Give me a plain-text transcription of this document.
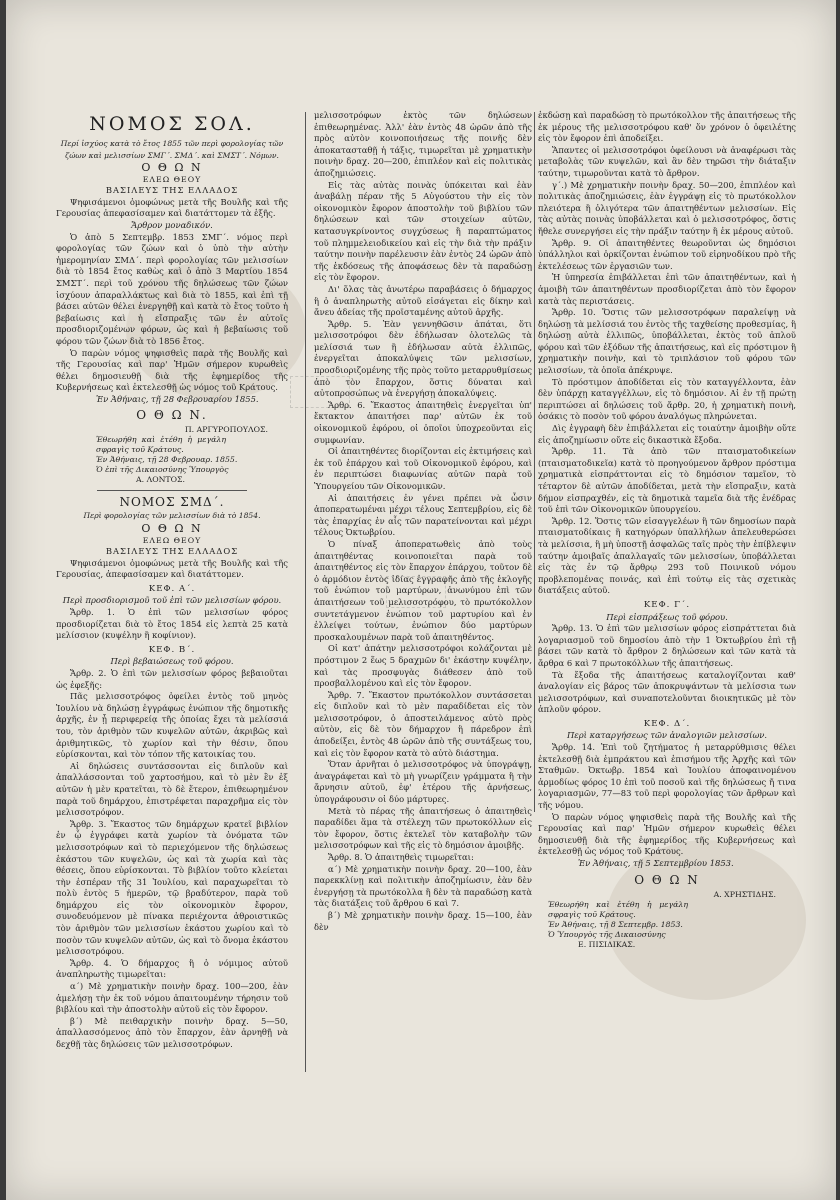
ΝΟΜΟΣ ΣΟΛ.
Περί ἰσχύος κατὰ τὸ ἔτος 1855 τῶν περὶ φορολογίας τῶν ζώων καὶ μελισσίων ΣΜΓ΄. ΣΜΔ΄. καὶ ΣΜΣΤ΄. Νόμων.
Ο Θ Ω Ν
ΕΛΕΩ ΘΕΟΥ
ΒΑΣΙΛΕΥΣ ΤΗΣ ΕΛΛΑΔΟΣ

Ψηφισάμενοι ὁμοφώνως μετὰ τῆς Βουλῆς καὶ τῆς Γερουσίας ἀπεφασίσαμεν καὶ διατάττομεν τὰ ἑξῆς.

Ἄρθρον μοναδικόν.

Ὁ ἀπὸ 5 Σεπτεμβρ. 1853 ΣΜΓ΄. νόμος περὶ φορολογίας τῶν ζώων καὶ ὁ ὑπὸ τὴν αὐτὴν ἡμερομηνίαν ΣΜΔ΄. περὶ φορολογίας τῶν μελισσίων διὰ τὸ 1854 ἔτος καθὼς καὶ ὁ ἀπὸ 3 Μαρτίου 1854 ΣΜΣΤ΄. περὶ τοῦ χρόνου τῆς δηλώσεως τῶν ζώων ἰσχύουν ἀπαραλλάκτως καὶ διὰ τὸ 1855, καὶ ἐπὶ τῇ βάσει αὐτῶν θέλει ἐνεργηθῇ καὶ κατὰ τὸ ἔτος τοῦτο ἡ βεβαίωσις καὶ ἡ εἴσπραξις τῶν ἐν αὐτοῖς προσδιοριζομένων φόρων, ὡς καὶ ἡ βεβαίωσις τοῦ φόρου τῶν ζώων διὰ τὸ 1856 ἔτος.

Ὁ παρὼν νόμος ψηφισθεὶς παρὰ τῆς Βουλῆς καὶ τῆς Γερουσίας καὶ παρ' Ἡμῶν σήμερον κυρωθεὶς θέλει δημοσιευθῇ διὰ τῆς ἐφημερίδος τῆς Κυβερνήσεως καὶ ἐκτελεσθῇ ὡς νόμος τοῦ Κράτους.

Ἐν Ἀθήναις, τῇ 28 Φεβρουαρίου 1855.
Ο Θ Ω Ν.
Π. ΑΡΓΥΡΟΠΟΥΛΟΣ.
Ἐθεωρήθη καὶ ἐτέθη ἡ μεγάλη σφραγὶς τοῦ Κράτους.
Ἐν Ἀθήναις, τῇ 28 Φεβρουαρ. 1855.
Ὁ ἐπὶ τῆς Δικαιοσύνης Ὑπουργὸς
Α. ΛΟΝΤΟΣ.
ΝΟΜΟΣ ΣΜΔ΄.
Περὶ φορολογίας τῶν μελισσίων διὰ τὸ 1854.
Ο Θ Ω Ν
ΕΛΕΩ ΘΕΟΥ
ΒΑΣΙΛΕΥΣ ΤΗΣ ΕΛΛΑΔΟΣ

Ψηφισάμενοι ὁμοφώνως μετὰ τῆς Βουλῆς καὶ τῆς Γερουσίας, ἀπεφασίσαμεν καὶ διατάττομεν.

ΚΕΦ. Α΄.
Περὶ προσδιορισμοῦ τοῦ ἐπὶ τῶν μελισσίων φόρου.

Ἄρθρ. 1. Ὁ ἐπὶ τῶν μελισσίων φόρος προσδιορίζεται διὰ τὸ ἔτος 1854 εἰς λεπτὰ 25 κατὰ μελίσσιον (κυψέλην ἢ κοφίνιον).

ΚΕΦ. Β΄.
Περὶ βεβαιώσεως τοῦ φόρου.

Ἄρθρ. 2. Ὁ ἐπὶ τῶν μελισσίων φόρος βεβαιοῦται ὡς ἐφεξῆς:

Πᾶς μελισσοτρόφος ὀφείλει ἐντὸς τοῦ μηνὸς Ἰουλίου νὰ δηλώσῃ ἐγγράφως ἐνώπιον τῆς δημοτικῆς ἀρχῆς, ἐν ᾗ περιφερείᾳ τῆς ὁποίας ἔχει τὰ μελίσσιά του, τὸν ἀριθμὸν τῶν κυψελῶν αὐτῶν, ἀκριβῶς καὶ ἀριθμητικῶς, τὸ χωρίον καὶ τὴν θέσιν, ὅπου εὑρίσκονται, καὶ τὸν τόπον τῆς κατοικίας του.

Αἱ δηλώσεις συντάσσονται εἰς διπλοῦν καὶ ἀπαλλάσσονται τοῦ χαρτοσήμου, καὶ τὸ μὲν ἓν ἐξ αὐτῶν ἡ μὲν κρατεῖται, τὸ δὲ ἕτερον, ἐπιθεωρημένον παρὰ τοῦ δημάρχου, ἐπιστρέφεται παραχρῆμα εἰς τὸν μελισσοτρόφον.

Ἄρθρ. 3. Ἕκαστος τῶν δημάρχων κρατεῖ βιβλίον ἐν ᾧ ἐγγράφει κατὰ χωρίον τὰ ὀνόματα τῶν μελισσοτρόφων καὶ τὸ περιεχόμενον τῆς δηλώσεως ἑκάστου τῶν κυψελῶν, ὡς καὶ τὰ χωρία καὶ τὰς θέσεις, ὅπου εὑρίσκονται. Τὸ βιβλίον τοῦτο κλείεται τὴν ἐσπέραν τῆς 31 Ἰουλίου, καὶ παραχωρεῖται τὸ πολὺ ἐντὸς 5 ἡμερῶν, τῷ βραδύτερον, παρὰ τοῦ δημάρχου εἰς τὸν οἰκονομικὸν ἔφορον, συνοδευόμενον μὲ πίνακα περιέχοντα ἀθροιστικῶς τὸν ἀριθμὸν τῶν μελισσίων ἑκάστου χωρίου καὶ τὸ ποσὸν τῶν κυψελῶν αὐτῶν, ὡς καὶ τὸ ὄνομα ἑκάστου μελισσοτρόφου.

Ἄρθρ. 4. Ὁ δήμαρχος ἢ ὁ νόμιμος αὐτοῦ ἀναπληρωτὴς τιμωρεῖται:

α΄) Μὲ χρηματικὴν ποινὴν δραχ. 100—200, ἐὰν ἀμελήσῃ τὴν ἐκ τοῦ νόμου ἀπαιτουμένην τήρησιν τοῦ βιβλίου καὶ τὴν ἀποστολὴν αὐτοῦ εἰς τὸν ἔφορον.

β΄) Μὲ πειθαρχικὴν ποινὴν δραχ. 5—50, ἀπαλλασσόμενος ἀπὸ τὸν ἔπαρχον, ἐὰν ἀρνηθῇ νὰ δεχθῇ τὰς δηλώσεις τῶν μελισσοτρόφων.

μελισσοτρόφων ἐκτὸς τῶν δηλώσεων ἐπιθεωρημένας. Ἀλλ' ἐὰν ἐντὸς 48 ὡρῶν ἀπὸ τῆς πρὸς αὐτὸν κοινοποιήσεως τῆς ποινῆς δὲν ἀποκατασταθῇ ἡ τάξις, τιμωρεῖται μὲ χρηματικὴν ποινὴν δραχ. 20—200, ἐπιπλέον καὶ εἰς πολιτικὰς ἀποζημιώσεις.

Εἰς τὰς αὐτὰς ποινὰς ὑπόκειται καὶ ἐὰν ἀναβάλῃ πέραν τῆς 5 Αὐγούστου τὴν εἰς τὸν οἰκονομικὸν ἔφορον ἀποστολὴν τοῦ βιβλίου τῶν δηλώσεων καὶ τῶν στοιχείων αὐτῶν, κατασυγκρίνοντος συγχύσεως ἢ παραπτώματος τοῦ πλημμελειοδικείου καὶ εἰς τὴν διὰ τὴν πράξιν ταύτην ποινὴν παρέλευσιν ἐὰν ἐντὸς 24 ὡρῶν ἀπὸ τῆς ἐκδόσεως τῆς ἀποφάσεως δὲν τὰ παραδώσῃ εἰς τὸν ἔφορον.

Δι' ὅλας τὰς ἀνωτέρω παραβάσεις ὁ δήμαρχος ἢ ὁ ἀναπληρωτὴς αὐτοῦ εἰσάγεται εἰς δίκην καὶ ἄνευ ἀδείας τῆς προϊσταμένης αὐτοῦ ἀρχῆς.

Ἄρθρ. 5. Ἐὰν γεννηθῶσιν ἀπάται, ὅτι μελισσοτρόφοι δὲν ἐδήλωσαν ὁλοτελῶς τὰ μελίσσιά των ἢ ἐδήλωσαν αὐτὰ ἐλλιπῶς, ἐνεργεῖται ἀποκαλύψεις τῶν μελισσίων, προσδιοριζομένης τῆς πρὸς τοῦτο μεταρρυθμίσεως ἀπὸ τὸν ἔπαρχον, ὅστις δύναται καὶ αὐτοπροσώπως νὰ ἐνεργήσῃ ἀποκαλύψεις.

Ἄρθρ. 6. Ἕκαστος ἀπαιτηθεὶς ἐνεργεῖται ὑπ' ἔκτακτον ἀπαιτήσει παρ' αὐτῶν ἐκ τοῦ οἰκονομικοῦ ἐφόρου, οἱ ὁποῖοι ὑποχρεοῦνται εἰς συμφωνίαν.

Οἱ ἀπαιτηθέντες διορίζονται εἰς ἐκτιμήσεις καὶ ἐκ τοῦ ἐπάρχου καὶ τοῦ Οἰκονομικοῦ ἐφόρου, καὶ ἐν περιπτώσει διαφωνίας αὐτῶν παρὰ τοῦ Ὑπουργείου τῶν Οἰκονομικῶν.

Αἱ ἀπαιτήσεις ἐν γένει πρέπει νὰ ὦσιν ἀποπερατωμέναι μέχρι τέλους Σεπτεμβρίου, εἰς δὲ τὰς ἐπαρχίας ἐν αἷς τῶν παρατείνονται καὶ μέχρι τέλους Ὀκτωβρίου.

Ὁ πίναξ ἀποπερατωθεὶς ἀπὸ τοὺς ἀπαιτηθέντας κοινοποιεῖται παρὰ τοῦ ἀπαιτηθέντος εἰς τὸν ἔπαρχον ἐπάρχου, τοῦτον δὲ ὁ ἀρμόδιον ἐντὸς ἰδίας ἐγγραφῆς ἀπὸ τῆς ἐκλογῆς τοῦ ἐνώπιον τοῦ μαρτύρων, ἀνωνύμου ἐπὶ τῶν ἀπαιτήσεων τοῦ μελισσοτρόφου, τὸ πρωτόκολλον συντετάγμενον ἐνώπιον τοῦ μαρτυρίου καὶ ἐν ἐλλείψει τούτων, ἐνώπιον δύο μαρτύρων προσκαλουμένων παρὰ τοῦ ἀπαιτηθέντος.

Οἱ κατ' ἀπάτην μελισσοτρόφοι κολάζονται μὲ πρόστιμον 2 ἕως 5 δραχμῶν δι' ἑκάστην κυψέλην, καὶ τὰς προσφυγὰς διάθεσεν ἀπὸ τοῦ προσβαλλομένου καὶ εἰς τὸν ἔφορον.

Ἄρθρ. 7. Ἕκαστον πρωτόκολλον συντάσσεται εἰς διπλοῦν καὶ τὸ μὲν παραδίδεται εἰς τὸν μελισσοτρόφον, ὁ ἀποστειλάμενος αὐτὸ πρὸς αὐτὸν, εἰς δὲ τὸν δήμαρχον ἢ πάρεδρον ἐπὶ ἀποδείξει, ἐντὸς 48 ὡρῶν ἀπὸ τῆς συντάξεως του, καὶ εἰς τὸν ἔφορον κατὰ τὸ αὐτὸ διάστημα.

Ὅταν ἀρνῆται ὁ μελισσοτρόφος νὰ ὑπογράψῃ, ἀναγράφεται καὶ τὸ μὴ γνωρίζειν γράμματα ἢ τὴν ἄρνησιν αὐτοῦ, ἐφ' ἑτέρου τῆς ἀρνήσεως, ὑπογράφουσιν οἱ δύο μάρτυρες.

Μετὰ τὸ πέρας τῆς ἀπαιτήσεως ὁ ἀπαιτηθεὶς παραδίδει ἅμα τὰ στέλεχη τῶν πρωτοκόλλων εἰς τὸν ἔφορον, ὅστις ἐκτελεῖ τὸν καταβολὴν τῶν μελισσοτρόφων καὶ τῆς εἰς τὸ δημόσιον ἀμοιβῆς.

Ἄρθρ. 8. Ὁ ἀπαιτηθεὶς τιμωρεῖται:

α΄) Μὲ χρηματικὴν ποινὴν δραχ. 20—100, ἐὰν παρεκκλίνῃ καὶ πολιτικὴν ἀποζημίωσιν, ἐὰν δὲν ἐνεργήσῃ τὰ πρωτόκολλα ἢ δὲν τὰ παραδώσῃ κατὰ τὰς διατάξεις τοῦ ἄρθρου 6 καὶ 7.

β΄) Μὲ χρηματικὴν ποινὴν δραχ. 15—100, ἐὰν δὲν

ἐκδώσῃ καὶ παραδώσῃ τὸ πρωτόκολλον τῆς ἀπαιτήσεως τῆς ἐκ μέρους τῆς μελισσοτρόφου καθ' ὅν χρόνον ὁ ὀφειλέτης εἰς τὸν ἔφορον ἐπὶ ἀποδείξει.

Ἅπαντες οἱ μελισσοτρόφοι ὀφείλουσι νὰ ἀναφέρωσι τὰς μεταβολὰς τῶν κυψελῶν, καὶ ἂν δὲν τηρῶσι τὴν διάταξιν ταύτην, τιμωροῦνται κατὰ τὸ ἄρθρον.

γ΄.) Μὲ χρηματικὴν ποινὴν δραχ. 50—200, ἐπιπλέον καὶ πολιτικὰς ἀποζημιώσεις, ἐὰν ἐγγράψῃ εἰς τὸ πρωτόκολλον πλειότερα ἢ ὀλιγότερα τῶν ἀπαιτηθέντων μελισσίων. Εἰς τὰς αὐτὰς ποινὰς ὑποβάλλεται καὶ ὁ μελισσοτρόφος, ὅστις ἤθελε συνεργήσει εἰς τὴν πράξιν ταύτην ἢ ἐκ μέρους αὐτοῦ.

Ἄρθρ. 9. Οἱ ἀπαιτηθέντες θεωροῦνται ὡς δημόσιοι ὑπάλληλοι καὶ ὁρκίζονται ἐνώπιον τοῦ εἰρηνοδίκου πρὸ τῆς ἐκτελέσεως τῶν ἐργασιῶν των.

Ἡ ὑπηρεσία ἐπιβάλλεται ἐπὶ τῶν ἀπαιτηθέντων, καὶ ἡ ἀμοιβὴ τῶν ἀπαιτηθέντων προσδιορίζεται ἀπὸ τὸν ἔφορον κατὰ τὰς περιστάσεις.

Ἄρθρ. 10. Ὅστις τῶν μελισσοτρόφων παραλείψῃ νὰ δηλώσῃ τὰ μελίσσιά του ἐντὸς τῆς ταχθείσης προθεσμίας, ἢ δηλώσῃ αὐτὰ ἐλλιπῶς, ὑποβάλλεται, ἐκτὸς τοῦ ἀπλοῦ φόρου καὶ τῶν ἐξόδων τῆς ἀπαιτήσεως, καὶ εἰς πρόστιμον ἢ χρηματικὴν ποινὴν, καὶ τὸ τριπλάσιον τοῦ φόρου τῶν μελισσίων, τὰ ὁποῖα ἀπέκρυψε.

Τὸ πρόστιμον ἀποδίδεται εἰς τὸν καταγγέλλοντα, ἐὰν δὲν ὑπάρχῃ καταγγέλλων, εἰς τὸ δημόσιον. Αἱ ἐν τῇ πρώτῃ περιπτώσει αἱ δηλώσεις τοῦ ἄρθρ. 20, ἡ χρηματικὴ ποινὴ, ὁσάκις τὸ ποσὸν τοῦ φόρου ἀναλόγως πληρώνεται.

Δὶς ἐγγραφὴ δὲν ἐπιβάλλεται εἰς τοιαύτην ἀμοιβὴν οὔτε εἰς ἀποζημίωσιν οὔτε εἰς δικαστικὰ ἔξοδα.

Ἄρθρ. 11. Τὰ ἀπὸ τῶν πταισματοδικείων (πταισματοδικεῖα) κατὰ τὸ προηγούμενον ἄρθρον πρόστιμα χρηματικὰ εἰσπράττονται εἰς τὸ δημόσιον ταμεῖον, τὸ τέταρτον δὲ αὐτῶν ἀποδίδεται, μετὰ τὴν εἴσπραξιν, κατὰ δήμον εἰσπραχθέν, εἰς τὰ δημοτικὰ ταμεῖα διὰ τῆς ἐνέδρας τοῦ ἐπὶ τῶν Οἰκονομικῶν ὑπουργείου.

Ἄρθρ. 12. Ὅστις τῶν εἰσαγγελέων ἢ τῶν δημοσίων παρὰ πταισματοδίκαις ἢ κατηγόρων ὑπαλλήλων ἀπελευθερώσει τὰ μελίσσια, ἢ μὴ ὑποστῇ ἀσφαλῶς ταῖς πρὸς τὴν ἐπίβλεψιν ταύτην ἀμοιβαῖς ἀπαλλαγαῖς τῶν μελισσίων, ὑποβάλλεται εἰς τὰς ἐν τῷ ἄρθρῳ 293 τοῦ Ποινικοῦ νόμου προβλεπομένας ποινάς, καὶ ἐπὶ τούτῳ εἰς τὰς σχετικὰς διατάξεις αὐτοῦ.

ΚΕΦ. Γ΄.
Περὶ εἰσπράξεως τοῦ φόρου.

Ἄρθρ. 13. Ὁ ἐπὶ τῶν μελισσίων φόρος εἰσπράττεται διὰ λογαριασμοῦ τοῦ δημοσίου ἀπὸ τὴν 1 Ὀκτωβρίου ἐπὶ τῇ βάσει τῶν κατὰ τὸ ἄρθρον 2 δηλώσεων καὶ τῶν κατὰ τὰ ἄρθρα 6 καὶ 7 πρωτοκόλλων τῆς ἀπαιτήσεως.

Τὰ ἔξοδα τῆς ἀπαιτήσεως καταλογίζονται καθ' ἀναλογίαν εἰς βάρος τῶν ἀποκρυψάντων τὰ μελίσσια των μελισσοτρόφων, καὶ συναποτελοῦνται διοικητικῶς μὲ τὸν ἁπλοῦν φόρον.

ΚΕΦ. Δ΄.
Περὶ καταργήσεως τῶν ἀναλογιῶν μελισσίων.

Ἄρθρ. 14. Ἐπὶ τοῦ ζητήματος ἡ μεταρρύθμισις θέλει ἐκτελεσθῇ διὰ ἐμπράκτου καὶ ἐπισήμου τῆς Ἀρχῆς καὶ τῶν Σταθμῶν. Ὀκτωβρ. 1854 καὶ Ἰουλίου ἀποφαινομένου ἀρμοδίως φόρος 10 ἐπὶ τοῦ ποσοῦ καὶ τῆς δηλώσεως ἤ τινα λογαριασμῶν, 77—83 τοῦ περὶ φορολογίας τῶν ἄρθρων καὶ τῆς νόμου.

Ὁ παρὼν νόμος ψηφισθεὶς παρὰ τῆς Βουλῆς καὶ τῆς Γερουσίας καὶ παρ' Ἡμῶν σήμερον κυρωθεὶς θέλει δημοσιευθῇ διὰ τῆς ἐφημερίδος τῆς Κυβερνήσεως καὶ ἐκτελεσθῇ ὡς νόμος τοῦ Κράτους.

Ἐν Ἀθήναις, τῇ 5 Σεπτεμβρίου 1853.
Ο Θ Ω Ν
Α. ΧΡΗΣΤΙΔΗΣ.
Ἐθεωρήθη καὶ ἐτέθη ἡ μεγάλη σφραγὶς τοῦ Κράτους.
Ἐν Ἀθήναις, τῇ 8 Σεπτεμβρ. 1853.
Ὁ Ὑπουργὸς τῆς Δικαιοσύνης
Ε. ΠΙΣΙΔΙΚΑΣ.
